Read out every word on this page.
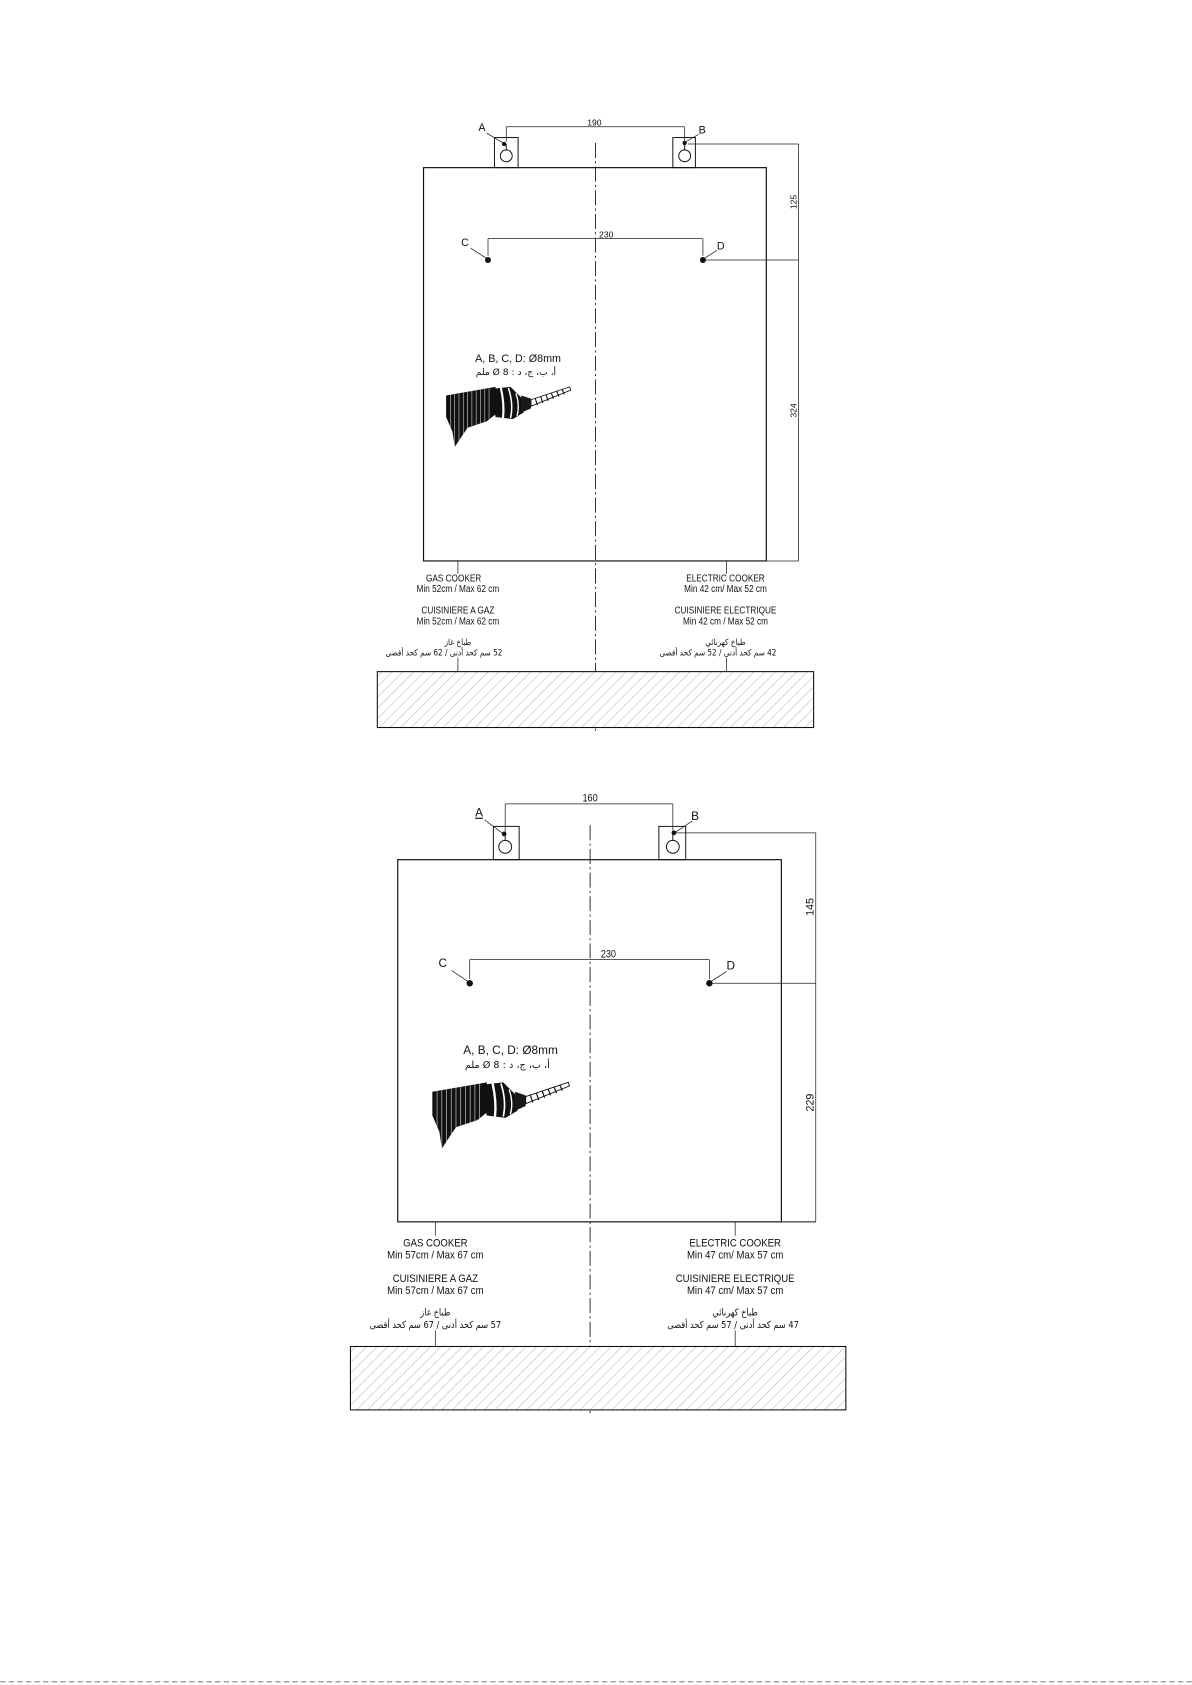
A	B
190
C	D
230
125
324
A, B, C, D: Ø8mm
أ، ب، ج، د : Ø 8 ملم
GAS COOKER
Min 52cm / Max 62 cm
CUISINIERE A GAZ
Min 52cm / Max 62 cm
طباخ غاز
52 سم كحد أدنى / 62 سم كحد أقصى
ELECTRIC COOKER
Min 42 cm/ Max 52 cm
CUISINIERE ELECTRIQUE
Min 42 cm / Max 52 cm
طباخ كهربائي
42 سم كحد أدنى / 52 سم كحد أقصى
A	B
160
C	D
230
145
229
A, B, C, D: Ø8mm
أ، ب، ج، د : Ø 8 ملم
GAS COOKER
Min 57cm / Max 67 cm
CUISINIERE A GAZ
Min 57cm / Max 67 cm
طباخ غاز
57 سم كحد أدنى / 67 سم كحد أقصى
ELECTRIC COOKER
Min 47 cm/ Max 57 cm
CUISINIERE ELECTRIQUE
Min 47 cm/ Max 57 cm
طباخ كهربائي
47 سم كحد أدنى / 57 سم كحد أقصى
